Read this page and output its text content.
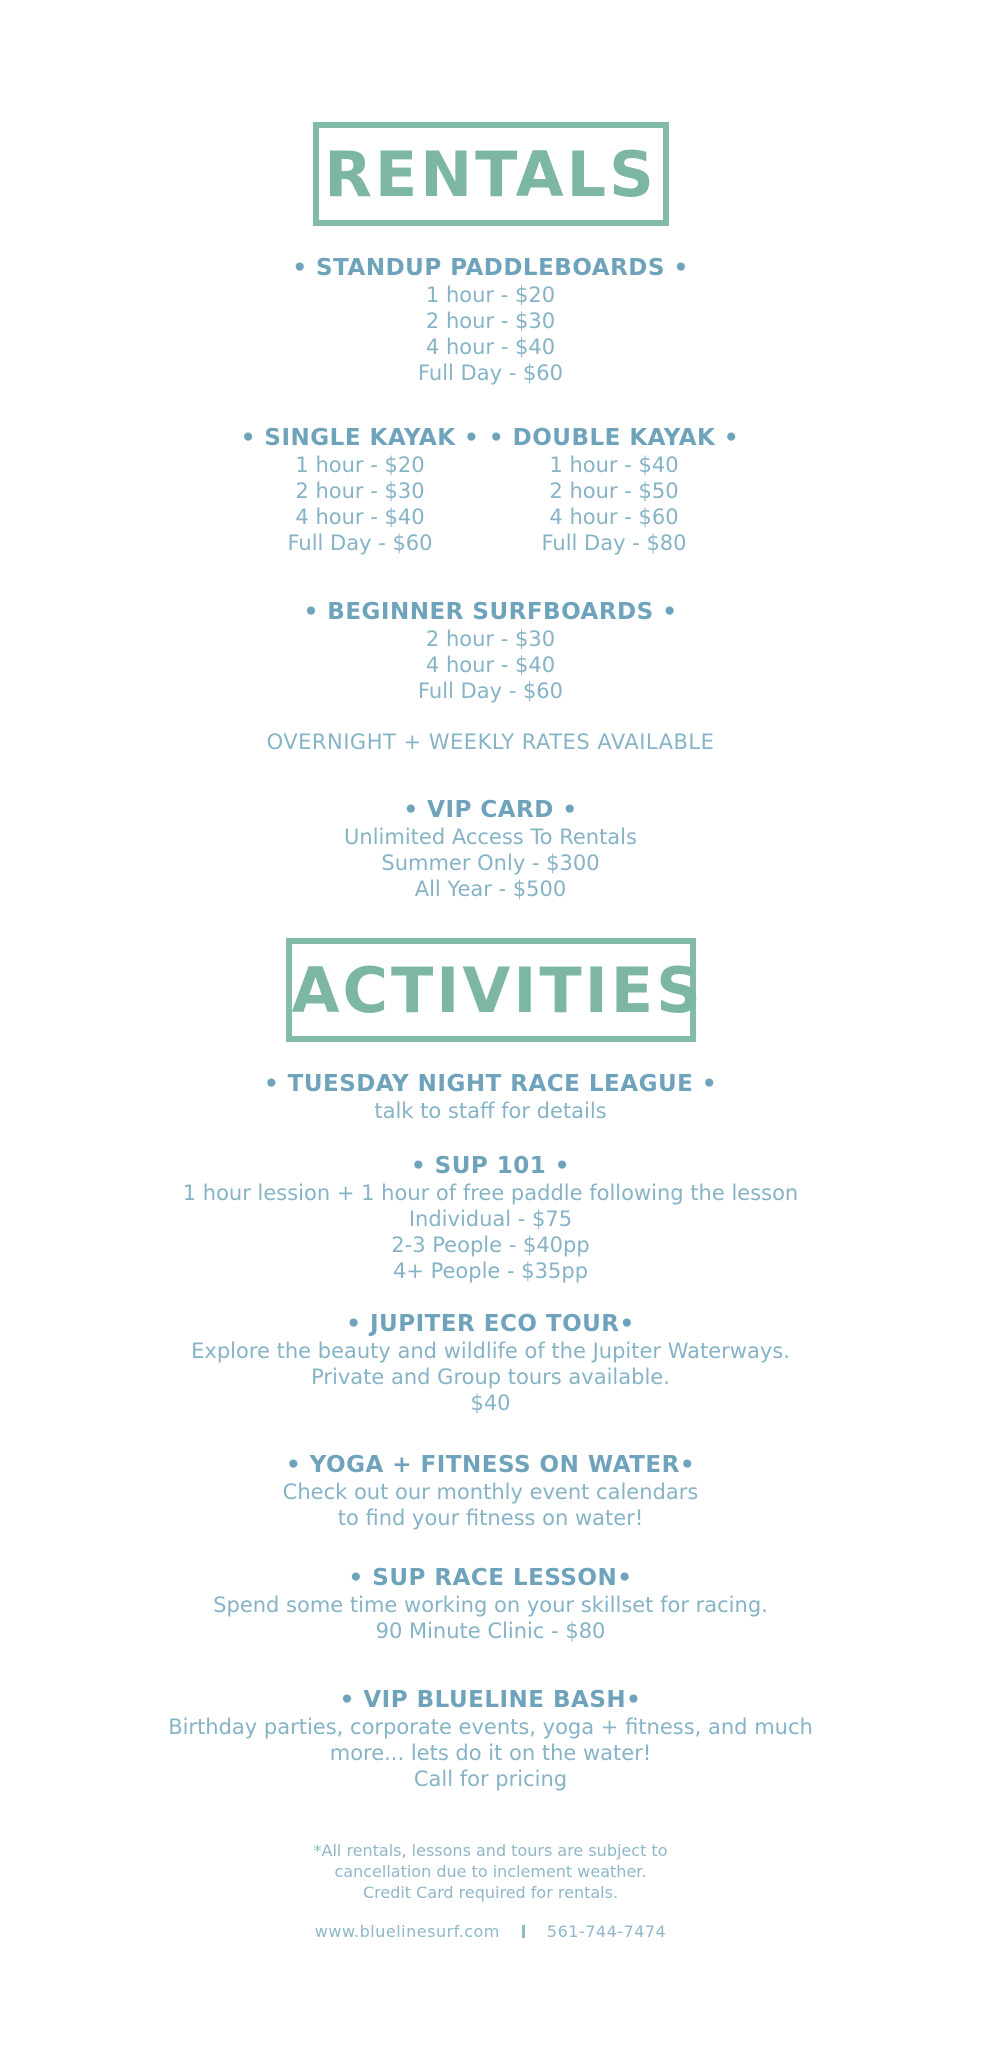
RENTALS
• STANDUP PADDLEBOARDS •
1 hour - $20
2 hour - $30
4 hour - $40
Full Day - $60
• SINGLE KAYAK •
1 hour - $20
2 hour - $30
4 hour - $40
Full Day - $60
• DOUBLE KAYAK •
1 hour - $40
2 hour - $50
4 hour - $60
Full Day - $80
• BEGINNER SURFBOARDS •
2 hour - $30
4 hour - $40
Full Day - $60
OVERNIGHT + WEEKLY RATES AVAILABLE
• VIP CARD •
Unlimited Access To Rentals
Summer Only - $300
All Year - $500
ACTIVITIES
• TUESDAY NIGHT RACE LEAGUE •
talk to staff for details
• SUP 101 •
1 hour lession + 1 hour of free paddle following the lesson
Individual - $75
2-3 People - $40pp
4+ People - $35pp
• JUPITER ECO TOUR•
Explore the beauty and wildlife of the Jupiter Waterways.
Private and Group tours available.
$40
• YOGA + FITNESS ON WATER•
Check out our monthly event calendars
to find your fitness on water!
• SUP RACE LESSON•
Spend some time working on your skillset for racing.
90 Minute Clinic - $80
• VIP BLUELINE BASH•
Birthday parties, corporate events, yoga + fitness, and much
more... lets do it on the water!
Call for pricing
*All rentals, lessons and tours are subject to
cancellation due to inclement weather.
Credit Card required for rentals.
www.bluelinesurf.com	561-744-7474
